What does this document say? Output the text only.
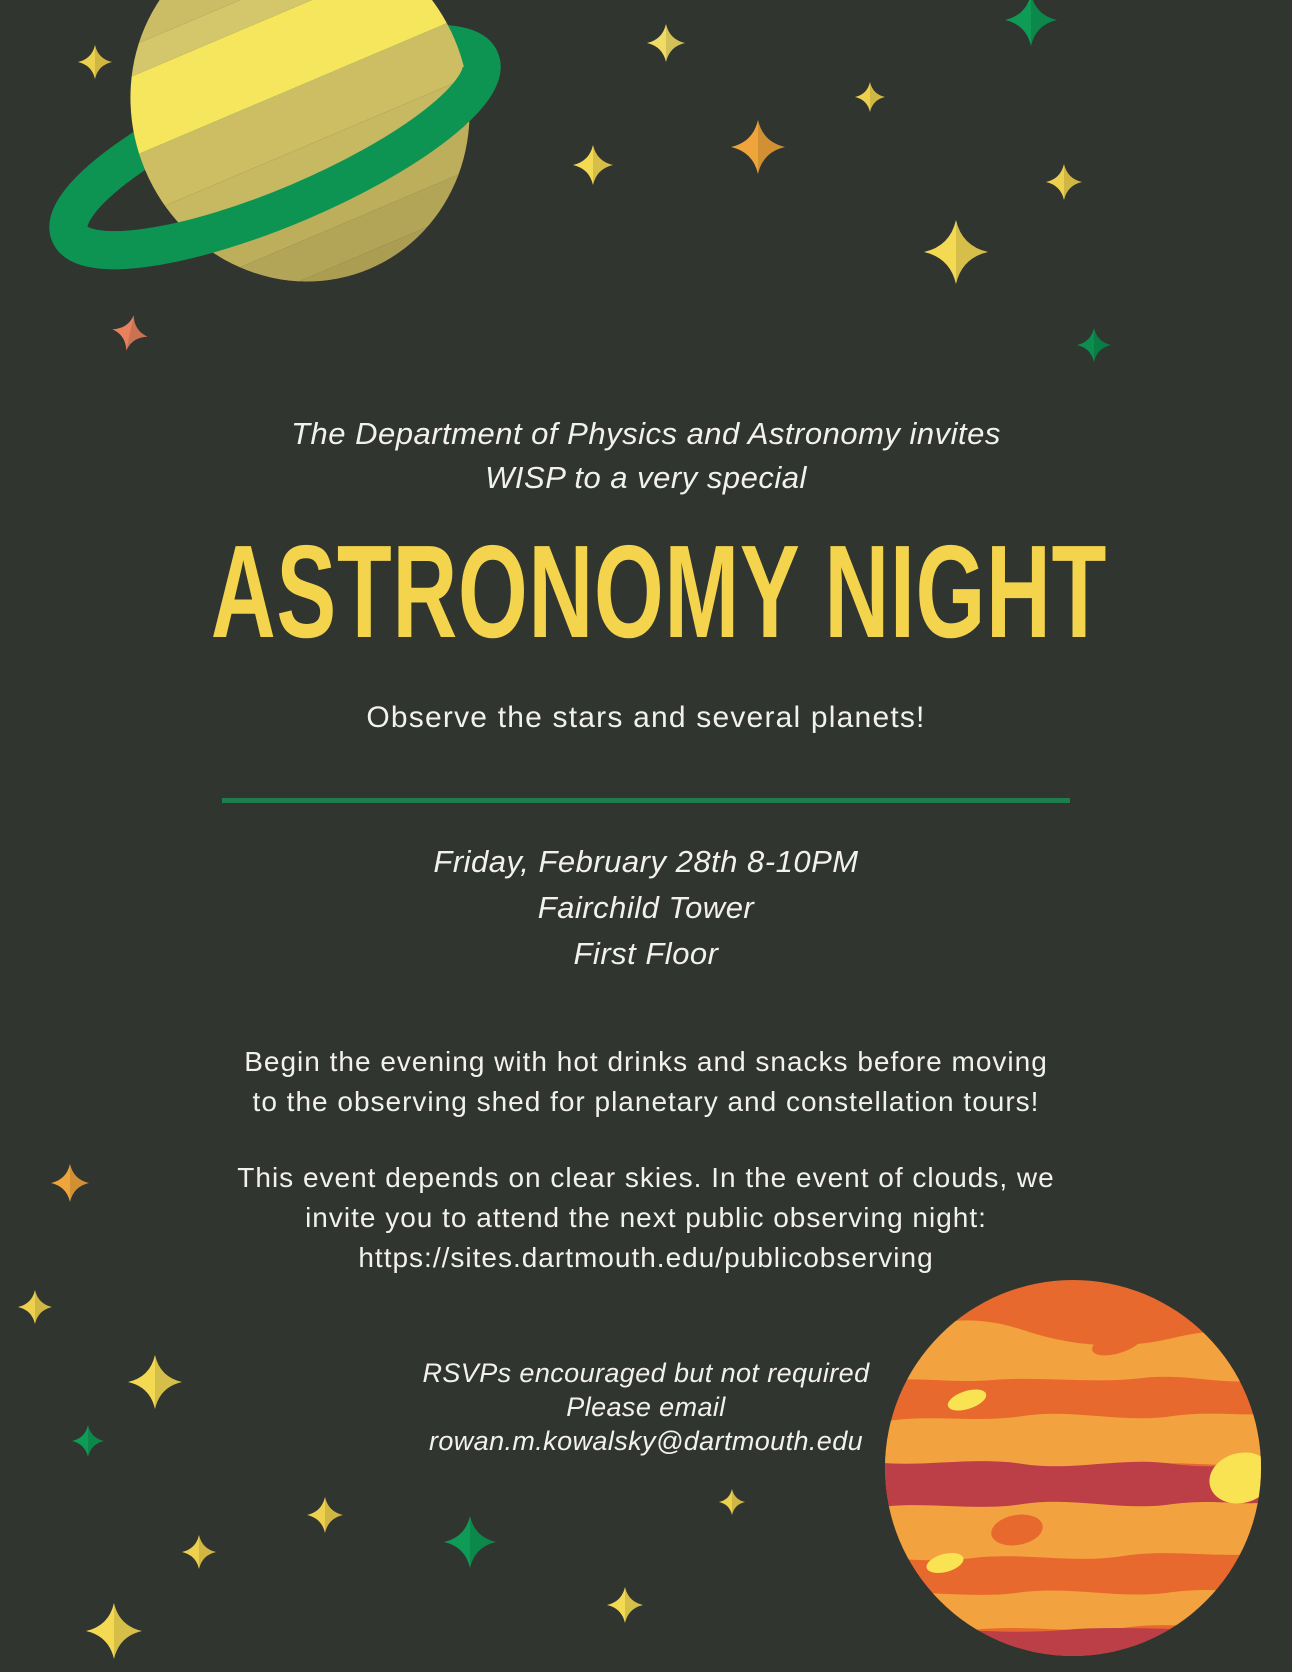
The Department of Physics and Astronomy invites
WISP to a very special
ASTRONOMY NIGHT
Observe the stars and several planets!
Friday, February 28th 8-10PM
Fairchild Tower
First Floor
Begin the evening with hot drinks and snacks before moving
to the observing shed for planetary and constellation tours!
This event depends on clear skies. In the event of clouds, we
invite you to attend the next public observing night:
https://sites.dartmouth.edu/publicobserving
RSVPs encouraged but not required
Please email
rowan.m.kowalsky@dartmouth.edu
